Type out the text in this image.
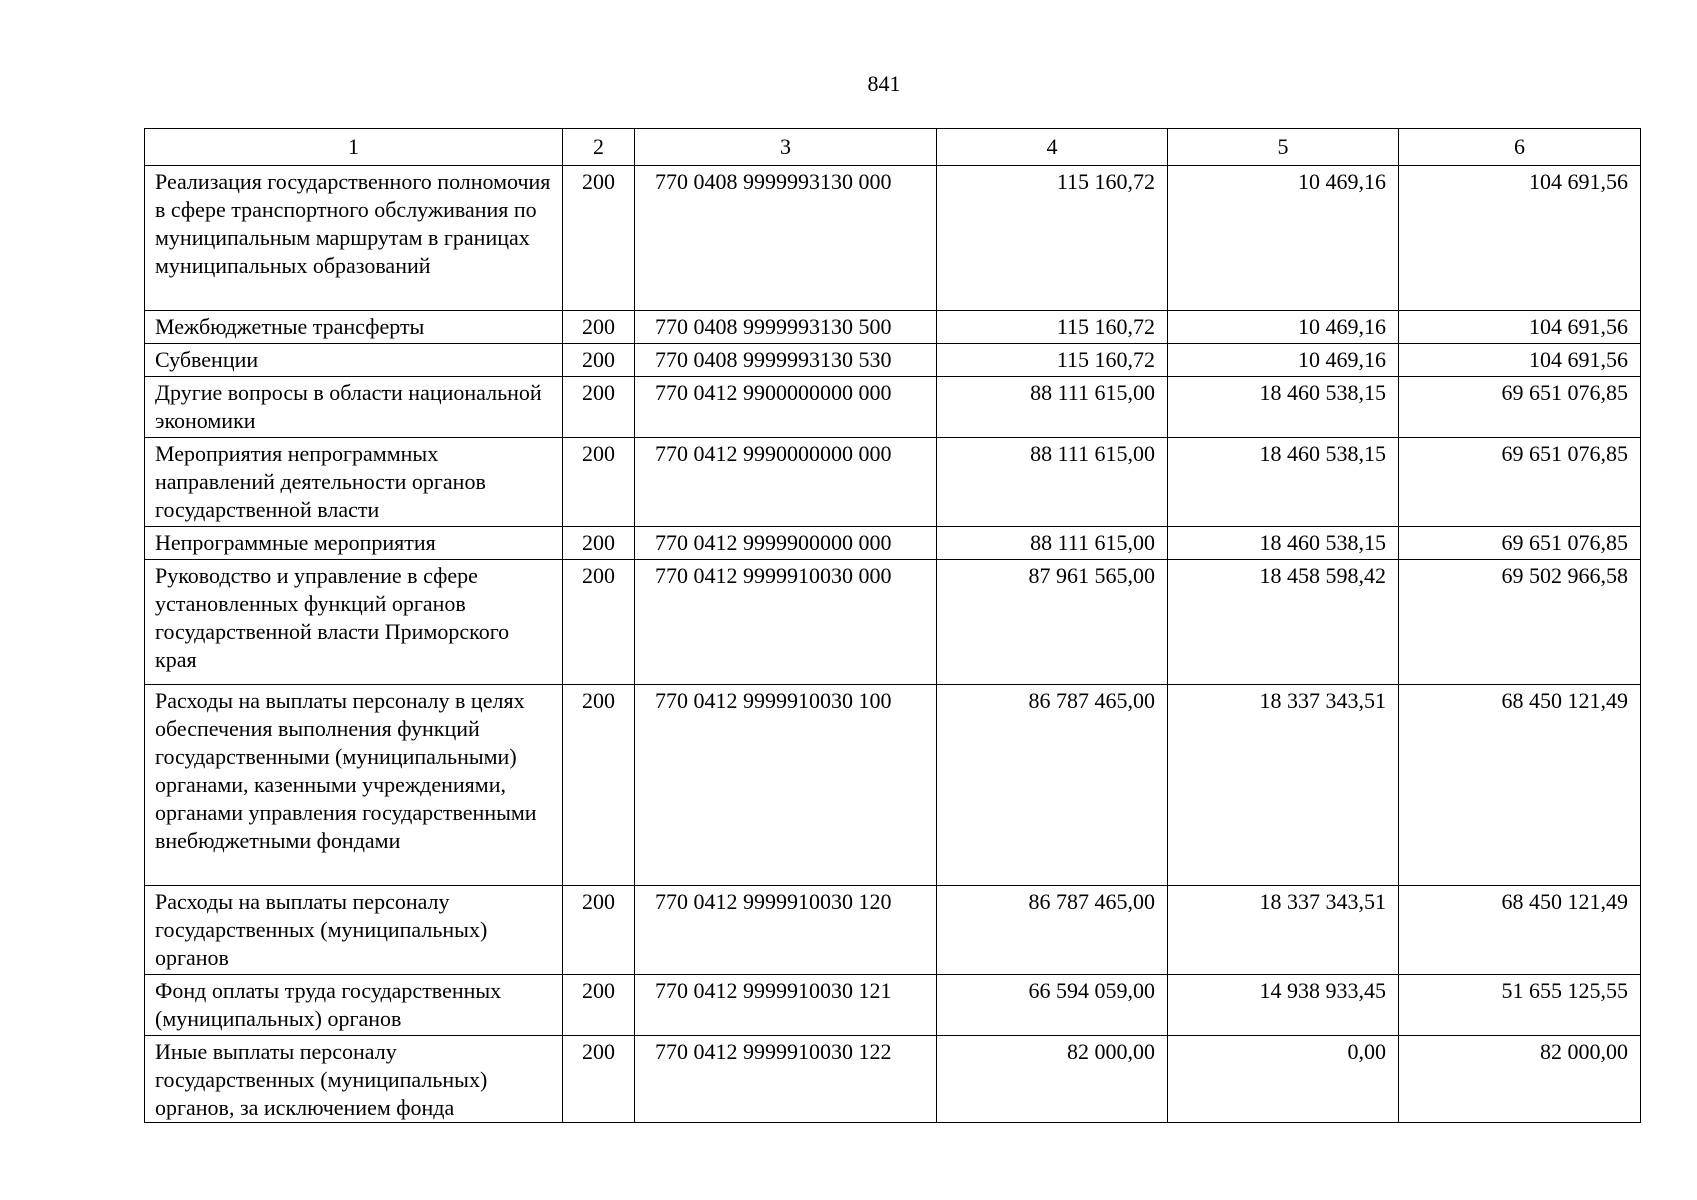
841
1	2	3	4	5	6
Реализация государственного полномочия в сфере транспортного обслуживания по муниципальным маршрутам в границах муниципальных образований	200	770 0408 9999993130 000	115 160,72	10 469,16	104 691,56
Межбюджетные трансферты	200	770 0408 9999993130 500	115 160,72	10 469,16	104 691,56
Субвенции	200	770 0408 9999993130 530	115 160,72	10 469,16	104 691,56
Другие вопросы в области национальной экономики	200	770 0412 9900000000 000	88 111 615,00	18 460 538,15	69 651 076,85
Мероприятия непрограммных направлений деятельности органов государственной власти	200	770 0412 9990000000 000	88 111 615,00	18 460 538,15	69 651 076,85
Непрограммные мероприятия	200	770 0412 9999900000 000	88 111 615,00	18 460 538,15	69 651 076,85
Руководство и управление в сфере установленных функций органов государственной власти Приморского края	200	770 0412 9999910030 000	87 961 565,00	18 458 598,42	69 502 966,58
Расходы на выплаты персоналу в целях обеспечения выполнения функций государственными (муниципальными) органами, казенными учреждениями, органами управления государственными внебюджетными фондами	200	770 0412 9999910030 100	86 787 465,00	18 337 343,51	68 450 121,49
Расходы на выплаты персоналу государственных (муниципальных) органов	200	770 0412 9999910030 120	86 787 465,00	18 337 343,51	68 450 121,49
Фонд оплаты труда государственных (муниципальных) органов	200	770 0412 9999910030 121	66 594 059,00	14 938 933,45	51 655 125,55
Иные выплаты персоналу государственных (муниципальных) органов, за исключением фонда	200	770 0412 9999910030 122	82 000,00	0,00	82 000,00
